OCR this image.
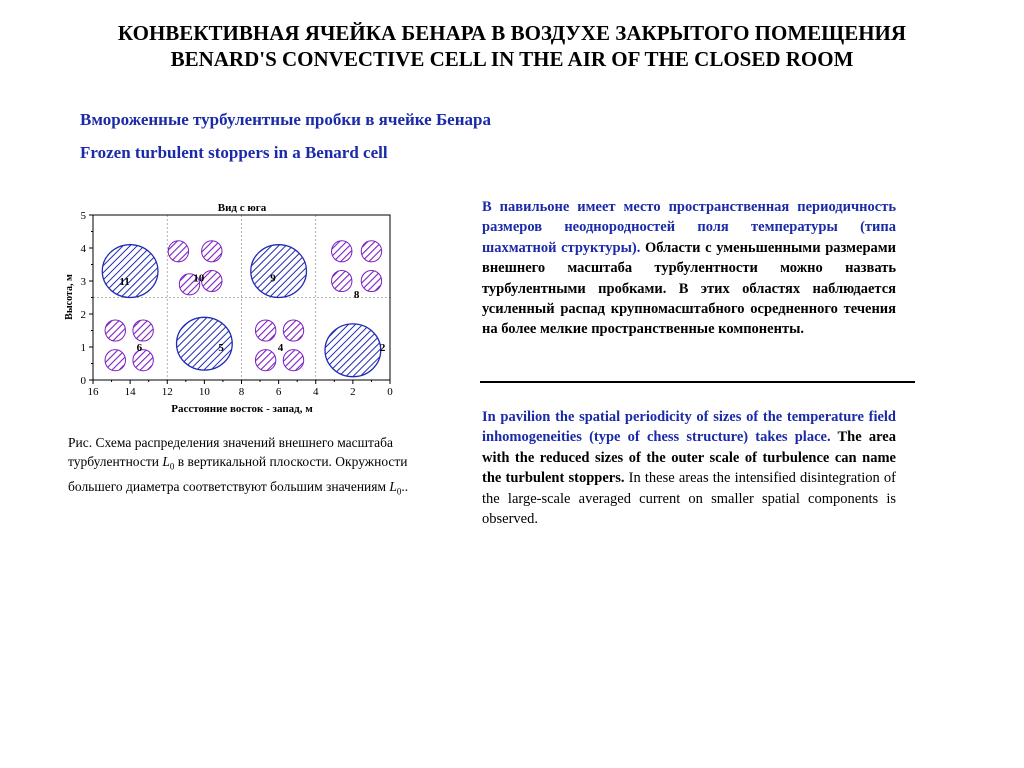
КОНВЕКТИВНАЯ ЯЧЕЙКА БЕНАРА В ВОЗДУХЕ ЗАКРЫТОГО ПОМЕЩЕНИЯ
BENARD'S CONVECTIVE CELL IN THE AIR OF THE CLOSED ROOM
Вмороженные турбулентные пробки в ячейке Бенара
Frozen turbulent stoppers in a Benard cell
Вид с юга
11	10	9
8
6	5	4	2
16 14 12 10	8	6	4	2	0
0
1
2
3
4
5
Расстояние восток - запад, м
Высота, м
Рис. Схема распределения значений внешнего масштаба турбулентности $L_0$ в вертикальной плоскости. Окружности большего диаметра соответствуют большим значениям $L_0$..
В павильоне имеет место пространственная периодичность размеров неоднородностей поля температуры (типа шахматной структуры). Области с уменьшенными размерами внешнего масштаба турбулентности можно назвать турбулентными пробками. В этих областях наблюдается усиленный распад крупномасштабного осредненного течения на более мелкие пространственные компоненты.
In pavilion the spatial periodicity of sizes of the temperature field inhomogeneities (type of chess structure) takes place. The area with the reduced sizes of the outer scale of turbulence can name the turbulent stoppers. In these areas the intensified disintegration of the large-scale averaged current on smaller spatial components is observed.
